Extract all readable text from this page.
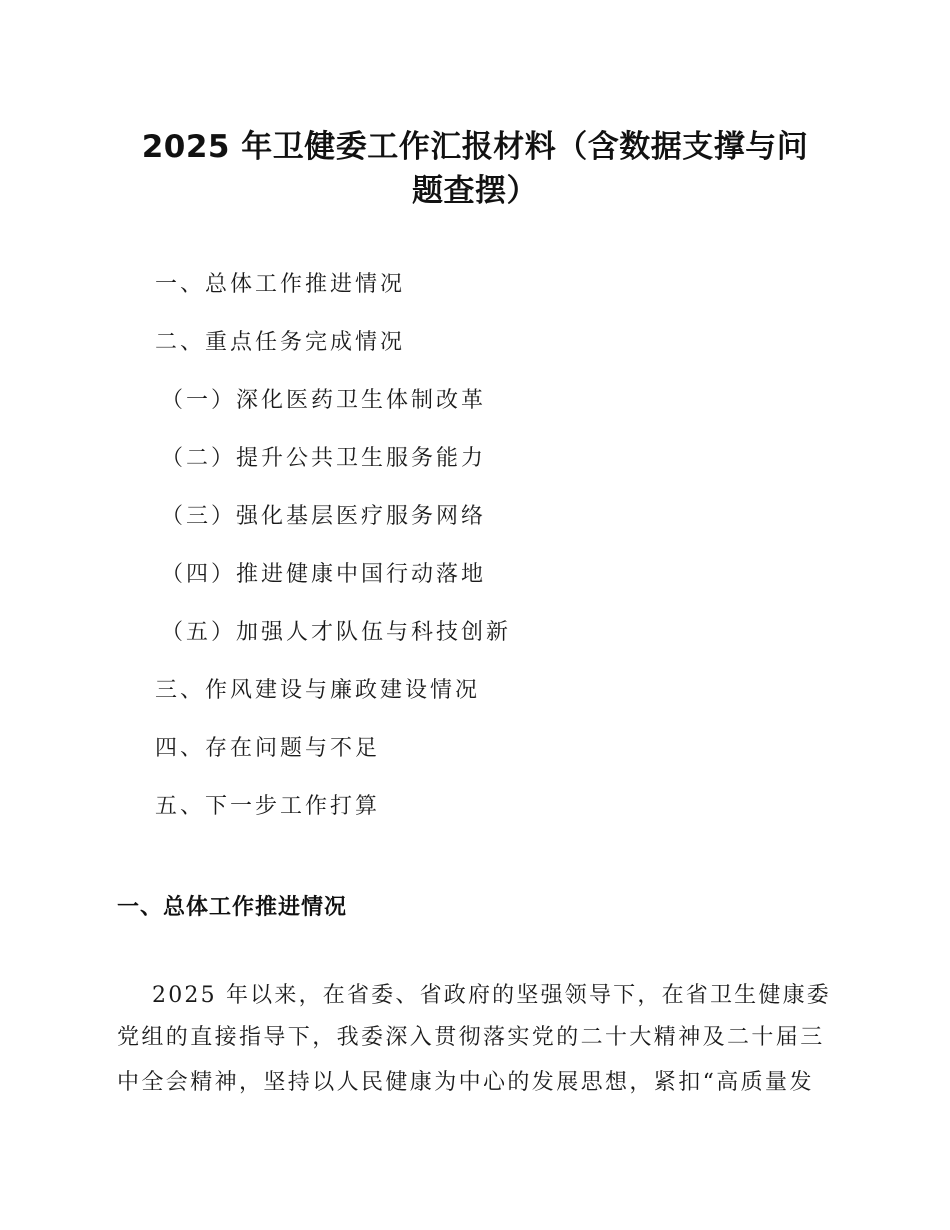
2025 年卫健委工作汇报材料（含数据支撑与问
题查摆）
一、总体工作推进情况
二、重点任务完成情况
（一）深化医药卫生体制改革
（二）提升公共卫生服务能力
（三）强化基层医疗服务网络
（四）推进健康中国行动落地
（五）加强人才队伍与科技创新
三、作风建设与廉政建设情况
四、存在问题与不足
五、下一步工作打算
一、总体工作推进情况

2025 年以来，在省委、省政府的坚强领导下，在省卫生健康委

党组的直接指导下，我委深入贯彻落实党的二十大精神及二十届三

中全会精神，坚持以人民健康为中心的发展思想，紧扣“高质量发
